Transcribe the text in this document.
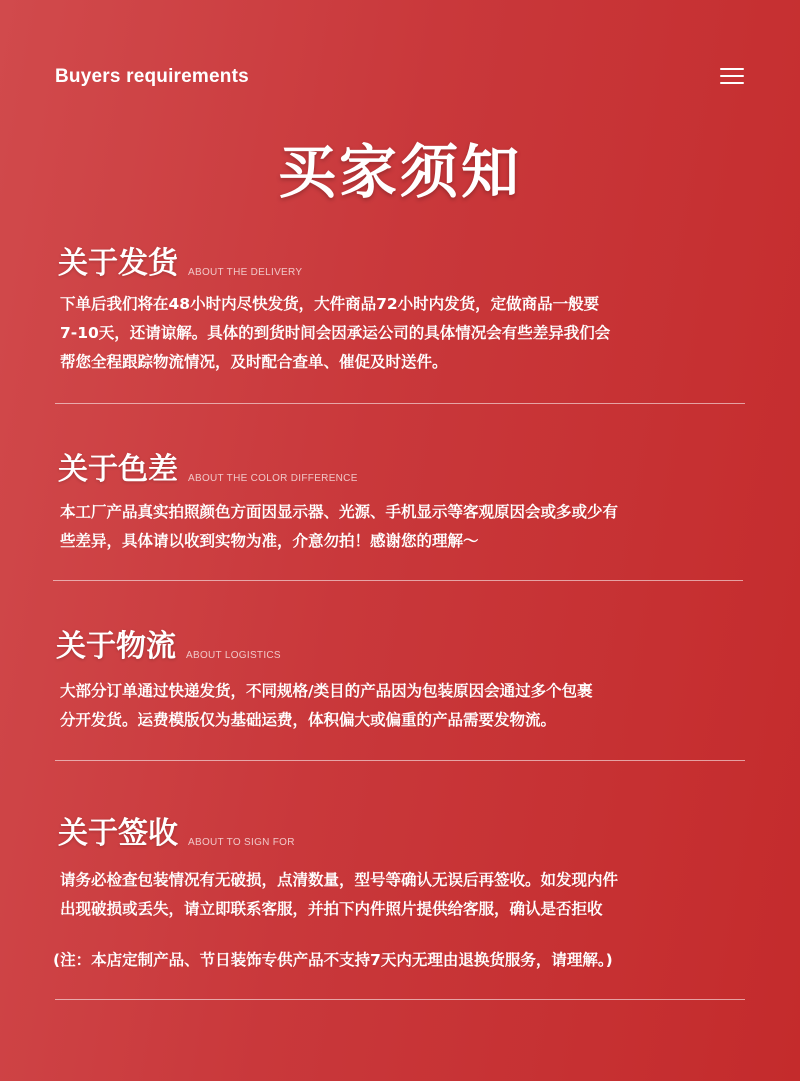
Buyers requirements
买家须知
关于发货 ABOUT THE DELIVERY

下单后我们将在48小时内尽快发货，大件商品72小时内发货，定做商品一般要

7-10天，还请谅解。具体的到货时间会因承运公司的具体情况会有些差异我们会

帮您全程跟踪物流情况，及时配合查单、催促及时送件。

关于色差 ABOUT THE COLOR DIFFERENCE

本工厂产品真实拍照颜色方面因显示器、光源、手机显示等客观原因会或多或少有

些差异，具体请以收到实物为准，介意勿拍！感谢您的理解～

关于物流 ABOUT LOGISTICS

大部分订单通过快递发货，不同规格/类目的产品因为包装原因会通过多个包裹

分开发货。运费模版仅为基础运费，体积偏大或偏重的产品需要发物流。

关于签收 ABOUT TO SIGN FOR

请务必检查包装情况有无破损，点清数量，型号等确认无误后再签收。如发现内件

出现破损或丢失，请立即联系客服，并拍下内件照片提供给客服，确认是否拒收

(注：本店定制产品、节日装饰专供产品不支持7天内无理由退换货服务，请理解。)
